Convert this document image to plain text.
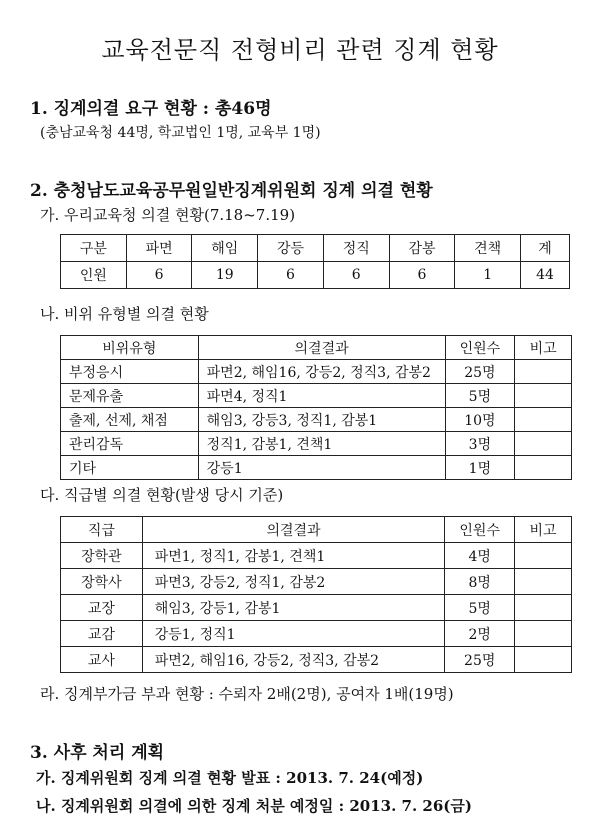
교육전문직 전형비리 관련 징계 현황
1. 징계의결 요구 현황 : 총46명
(충남교육청 44명, 학교법인 1명, 교육부 1명)
2. 충청남도교육공무원일반징계위원회 징계 의결 현황
가. 우리교육청 의결 현황(7.18~7.19)
구분	파면	해임	강등	정직	감봉	견책	계
인원	6	19	6	6	6	1	44
나. 비위 유형별 의결 현황
비위유형	의결결과	인원수	비고
부정응시	파면2, 해임16, 강등2, 정직3, 감봉2	25명	
문제유출	파면4, 정직1	5명	
출제, 선제, 채점	해임3, 강등3, 정직1, 감봉1	10명	
관리감독	정직1, 감봉1, 견책1	3명	
기타	강등1	1명	
다. 직급별 의결 현황(발생 당시 기준)
직급	의결결과	인원수	비고
장학관	파면1, 정직1, 감봉1, 견책1	4명	
장학사	파면3, 강등2, 정직1, 감봉2	8명	
교장	해임3, 강등1, 감봉1	5명	
교감	강등1, 정직1	2명	
교사	파면2, 해임16, 강등2, 정직3, 감봉2	25명	
라. 징계부가금 부과 현황 : 수뢰자 2배(2명), 공여자 1배(19명)
3. 사후 처리 계획
가. 징계위원회 징계 의결 현황 발표 : 2013. 7. 24(예정)
나. 징계위원회 의결에 의한 징계 처분 예정일 : 2013. 7. 26(금)
